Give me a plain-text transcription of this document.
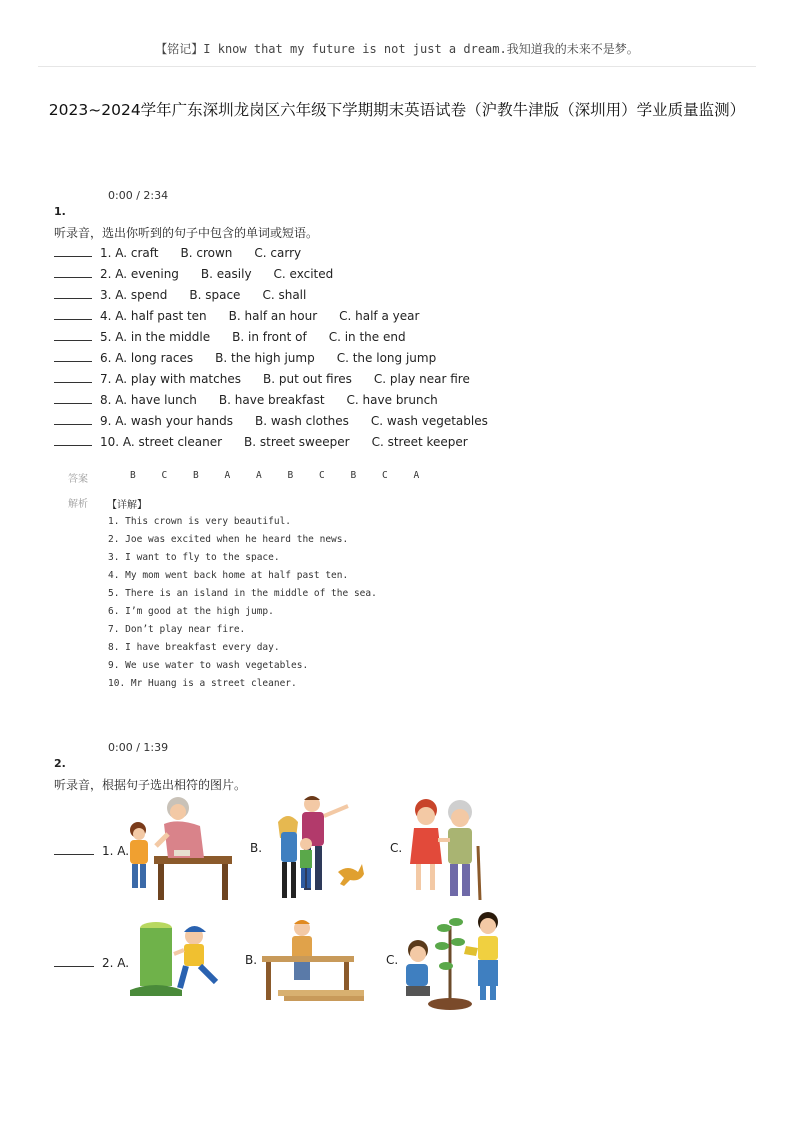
【铭记】I know that my future is not just a dream.我知道我的未来不是梦。
2023~2024学年广东深圳龙岗区六年级下学期期末英语试卷（沪教牛津版（深圳用）学业质量监测）
0:00 / 2:34
1.
听录音，选出你听到的句子中包含的单词或短语。
1. A. craft B. crown C. carry
2. A. evening B. easily C. excited
3. A. spend B. space C. shall
4. A. half past ten B. half an hour C. half a year
5. A. in the middle B. in front of C. in the end
6. A. long races B. the high jump C. the long jump
7. A. play with matches B. put out fires C. play near fire
8. A. have lunch B. have breakfast C. have brunch
9. A. wash your hands B. wash clothes C. wash vegetables
10. A. street cleaner B. street sweeper C. street keeper
答案	B	C	B	A	A	B	C	B	C	A
解析 【详解】
1. This crown is very beautiful.
2. Joe was excited when he heard the news.
3. I want to fly to the space.
4. My mom went back home at half past ten.
5. There is an island in the middle of the sea.
6. I’m good at the high jump.
7. Don’t play near fire.
8. I have breakfast every day.
9. We use water to wash vegetables.
10. Mr Huang is a street cleaner.
0:00 / 1:39
2.
听录音，根据句子选出相符的图片。
1. A.	B.	C.
2. A.	B.	C.
